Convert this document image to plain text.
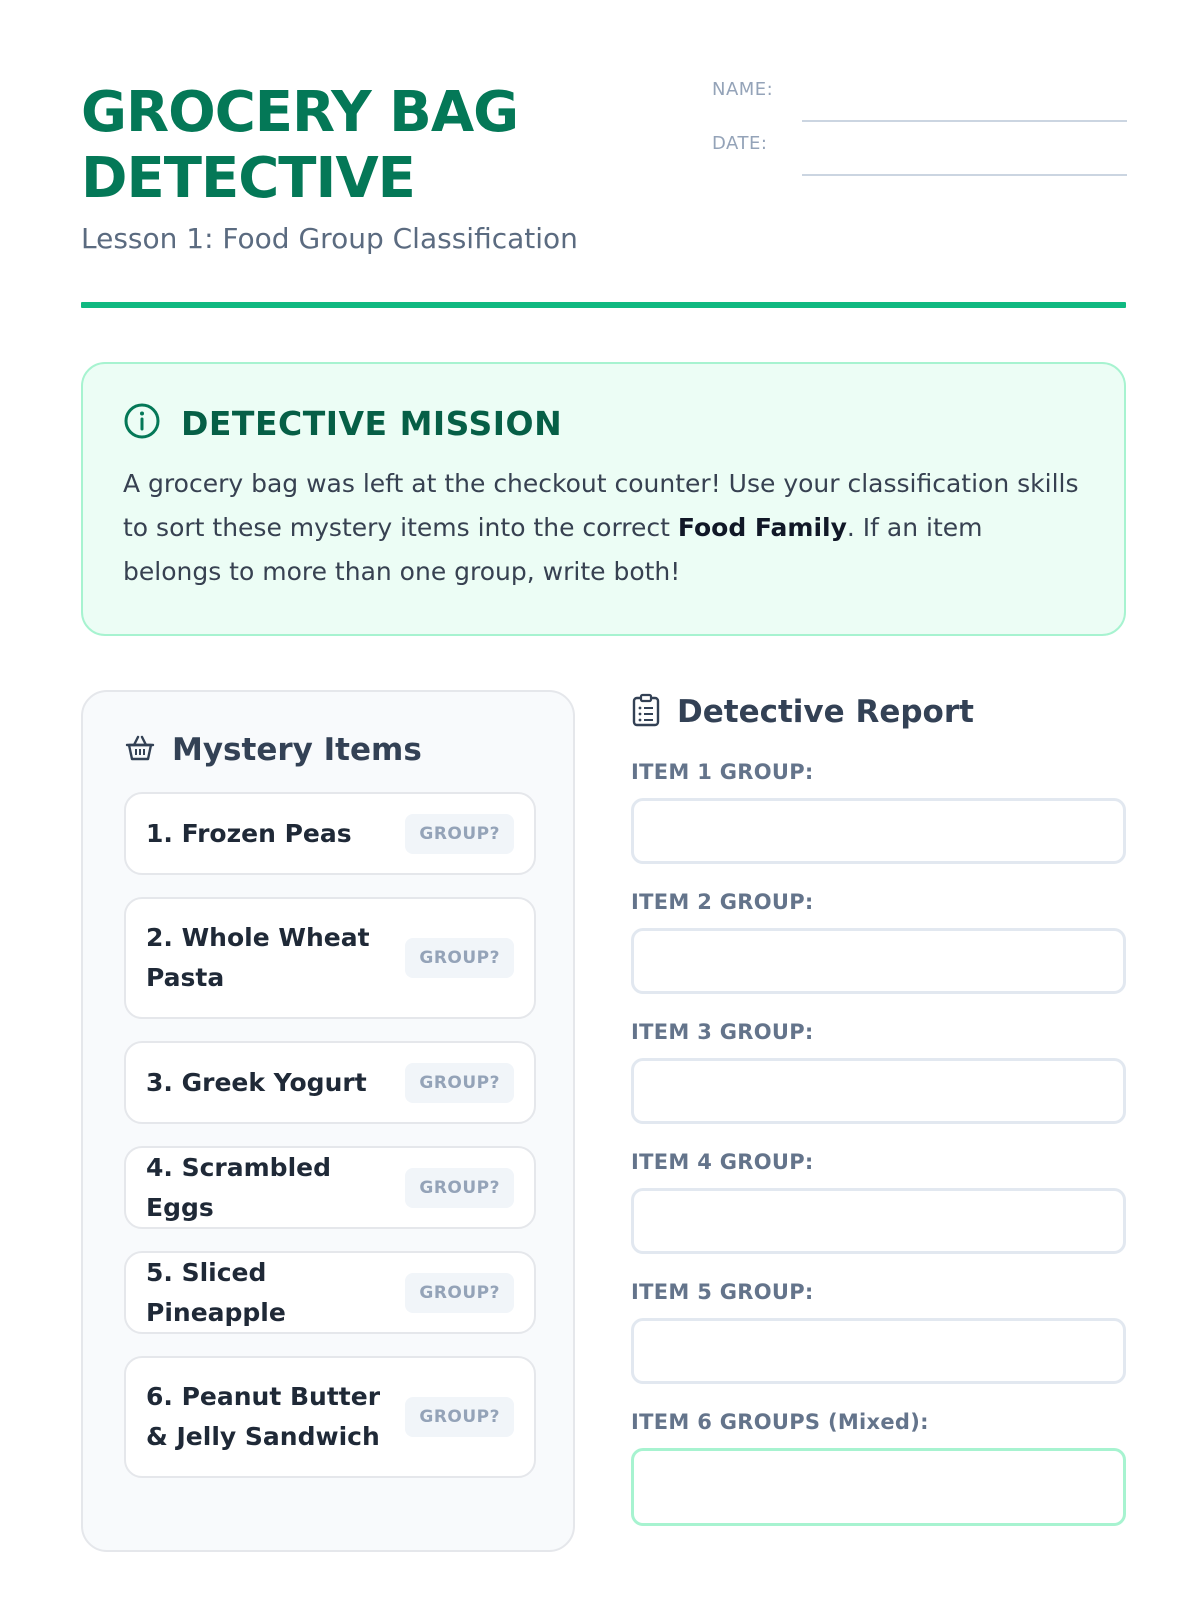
GROCERY BAG
DETECTIVE
Lesson 1: Food Group Classification
NAME:
DATE:
DETECTIVE MISSION

A grocery bag was left at the checkout counter! Use your classification skills to sort these mystery items into the correct Food Family. If an item belongs to more than one group, write both!

Mystery Items
1. Frozen Peas	GROUP?
2. Whole Wheat Pasta
GROUP?
3. Greek Yogurt	GROUP?
4. Scrambled Eggs
GROUP?
5. Sliced Pineapple
GROUP?
6. Peanut Butter & Jelly Sandwich
GROUP?
Detective Report
ITEM 1 GROUP:
ITEM 2 GROUP:
ITEM 3 GROUP:
ITEM 4 GROUP:
ITEM 5 GROUP:
ITEM 6 GROUPS (Mixed):
